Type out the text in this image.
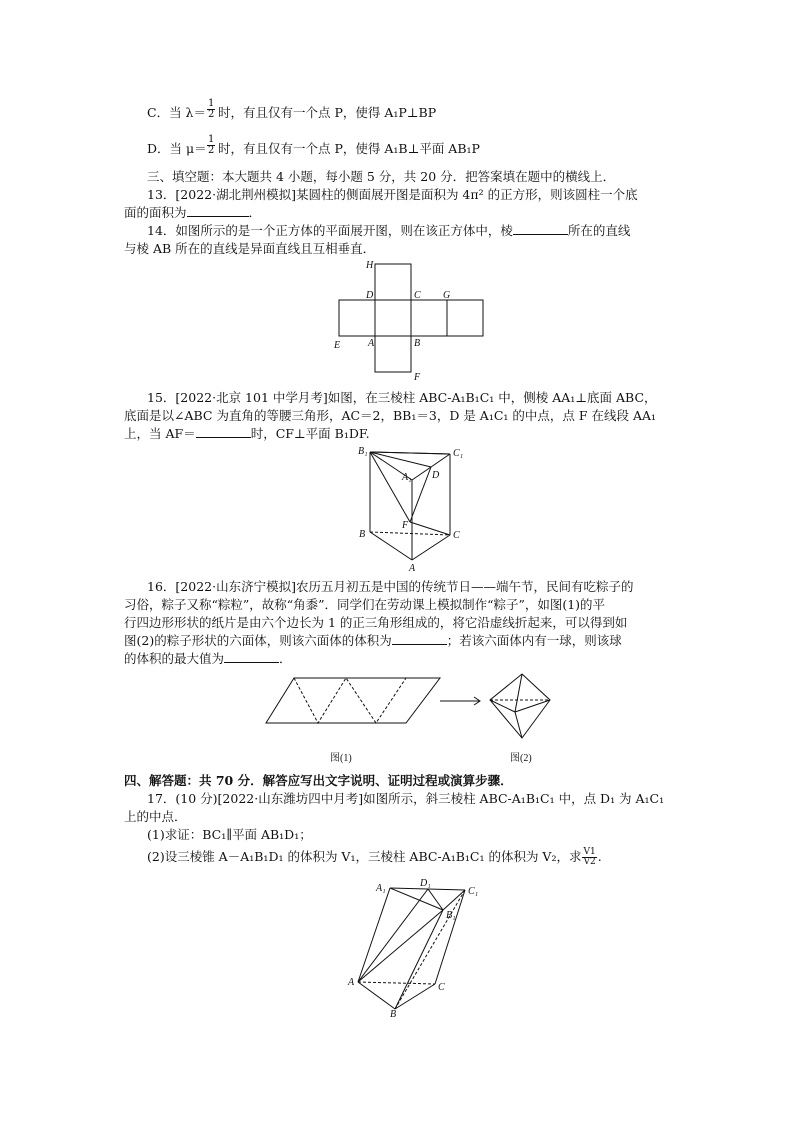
C．当 $\lambda= \frac{1}{2}$ 时，有且仅有一个点 P，使得 A₁P⊥BP
D．当 $\mu= \frac{1}{2}$ 时，有且仅有一个点 P，使得 A₁B⊥平面 AB₁P
三、填空题：本大题共 4 小题，每小题 5 分，共 20 分．把答案填在题中的横线上．
13．[2022·湖北荆州模拟]某圆柱的侧面展开图是面积为 4π² 的正方形，则该圆柱一个底
面的面积为	．
14．如图所示的是一个正方体的平面展开图，则在该正方体中，棱	所在的直线
与棱 AB 所在的直线是异面直线且互相垂直．
H
D	C G
E	A	B
F
15．[2022·北京 101 中学月考]如图，在三棱柱 ABC-A₁B₁C₁ 中，侧棱 AA₁⊥底面 ABC，
底面是以∠ABC 为直角的等腰三角形，AC＝2，BB₁＝3，D 是 A₁C₁ 的中点，点 F 在线段 AA₁
上，当 AF＝	时，CF⊥平面 B₁DF.
B₁	C₁
A₁ D
F
B	C
A
16．[2022·山东济宁模拟]农历五月初五是中国的传统节日——端午节，民间有吃粽子的
习俗，粽子又称“粽粒”，故称“角黍”．同学们在劳动课上模拟制作“粽子”，如图(1)的平
行四边形形状的纸片是由六个边长为 1 的正三角形组成的，将它沿虚线折起来，可以得到如
图(2)的粽子形状的六面体，则该六面体的体积为	；若该六面体内有一球，则该球
的体积的最大值为	．
图(1)	图(2)
四、解答题：共 70 分．解答应写出文字说明、证明过程或演算步骤．
17．(10 分)[2022·山东潍坊四中月考]如图所示，斜三棱柱 ABC-A₁B₁C₁ 中，点 D₁ 为 A₁C₁
上的中点．
(1)求证：BC₁∥平面 AB₁D₁；
(2)设三棱锥 A－A₁B₁D₁ 的体积为 V₁，三棱柱 ABC-A₁B₁C₁ 的体积为 V₂，求 $\frac{V1}{V2}$ .
A₁	D₁
C₁
B₁
A	C
B
